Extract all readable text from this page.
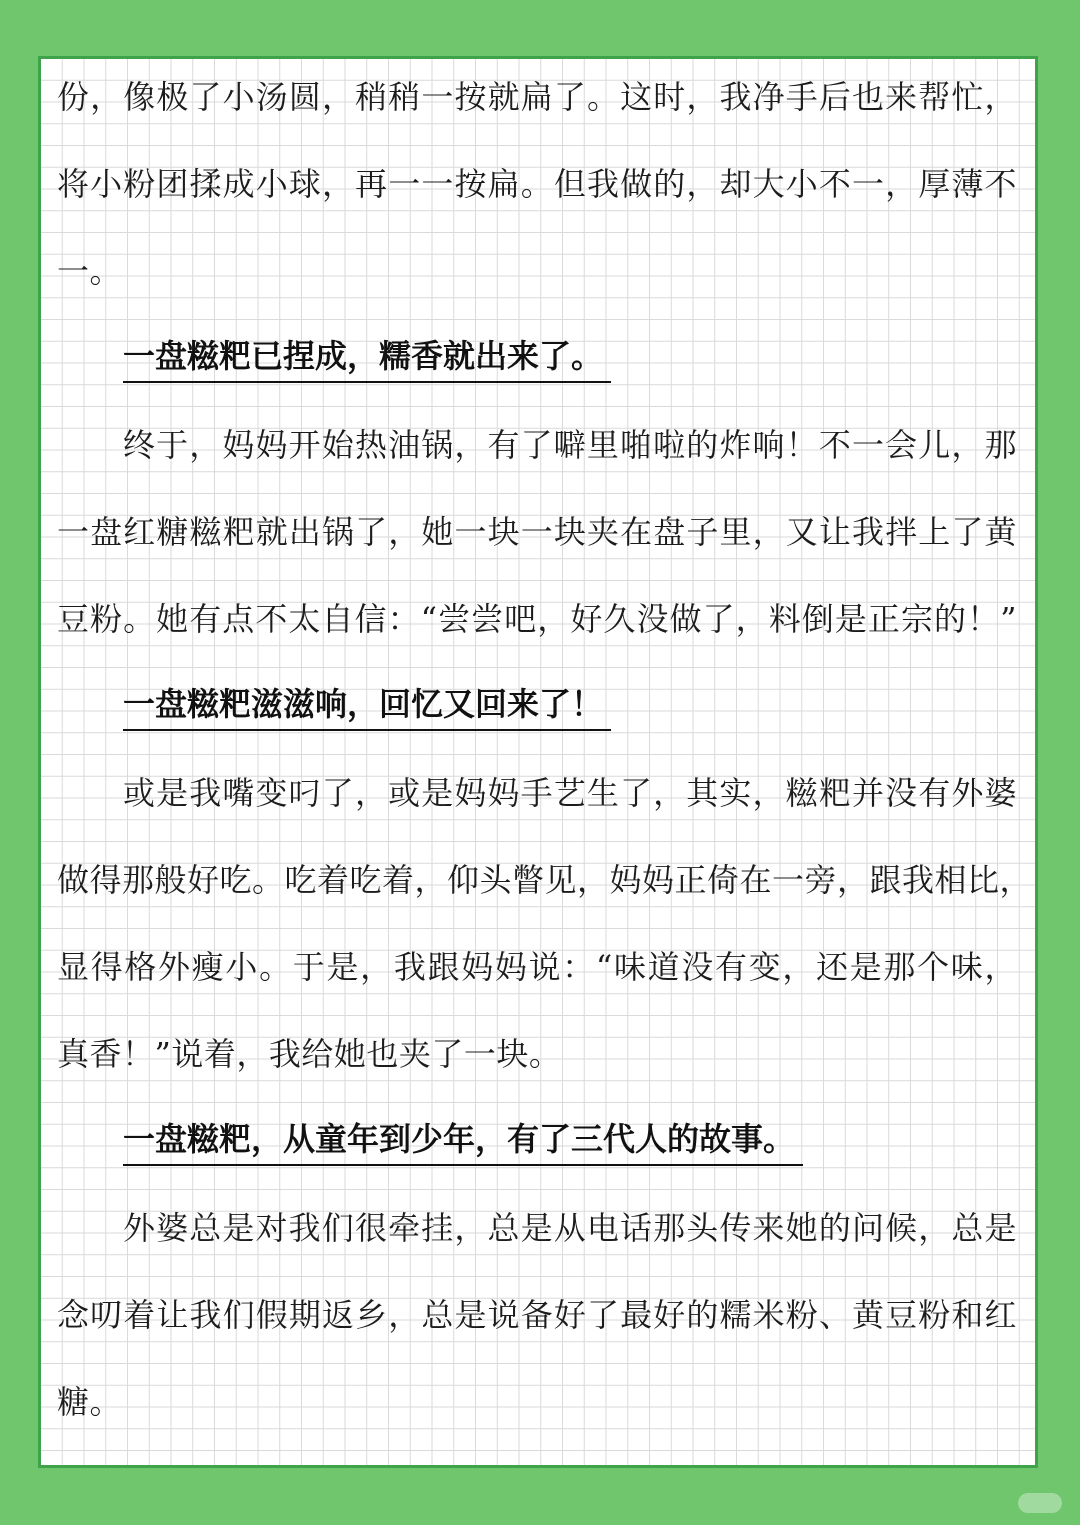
份，像极了小汤圆，稍稍一按就扁了。这时，我净手后也来帮忙，
将小粉团揉成小球，再一一按扁。但我做的，却大小不一，厚薄不
一。
一盘糍粑已捏成，糯香就出来了。
终于，妈妈开始热油锅，有了噼里啪啦的炸响！不一会儿，那
一盘红糖糍粑就出锅了，她一块一块夹在盘子里，又让我拌上了黄
豆粉。她有点不太自信：“尝尝吧，好久没做了，料倒是正宗的！”
一盘糍粑滋滋响，回忆又回来了！
或是我嘴变叼了，或是妈妈手艺生了，其实，糍粑并没有外婆
做得那般好吃。吃着吃着，仰头瞥见，妈妈正倚在一旁，跟我相比，
显得格外瘦小。于是，我跟妈妈说：“味道没有变，还是那个味，
真香！”说着，我给她也夹了一块。
一盘糍粑，从童年到少年，有了三代人的故事。
外婆总是对我们很牵挂，总是从电话那头传来她的问候，总是
念叨着让我们假期返乡，总是说备好了最好的糯米粉、黄豆粉和红
糖。
